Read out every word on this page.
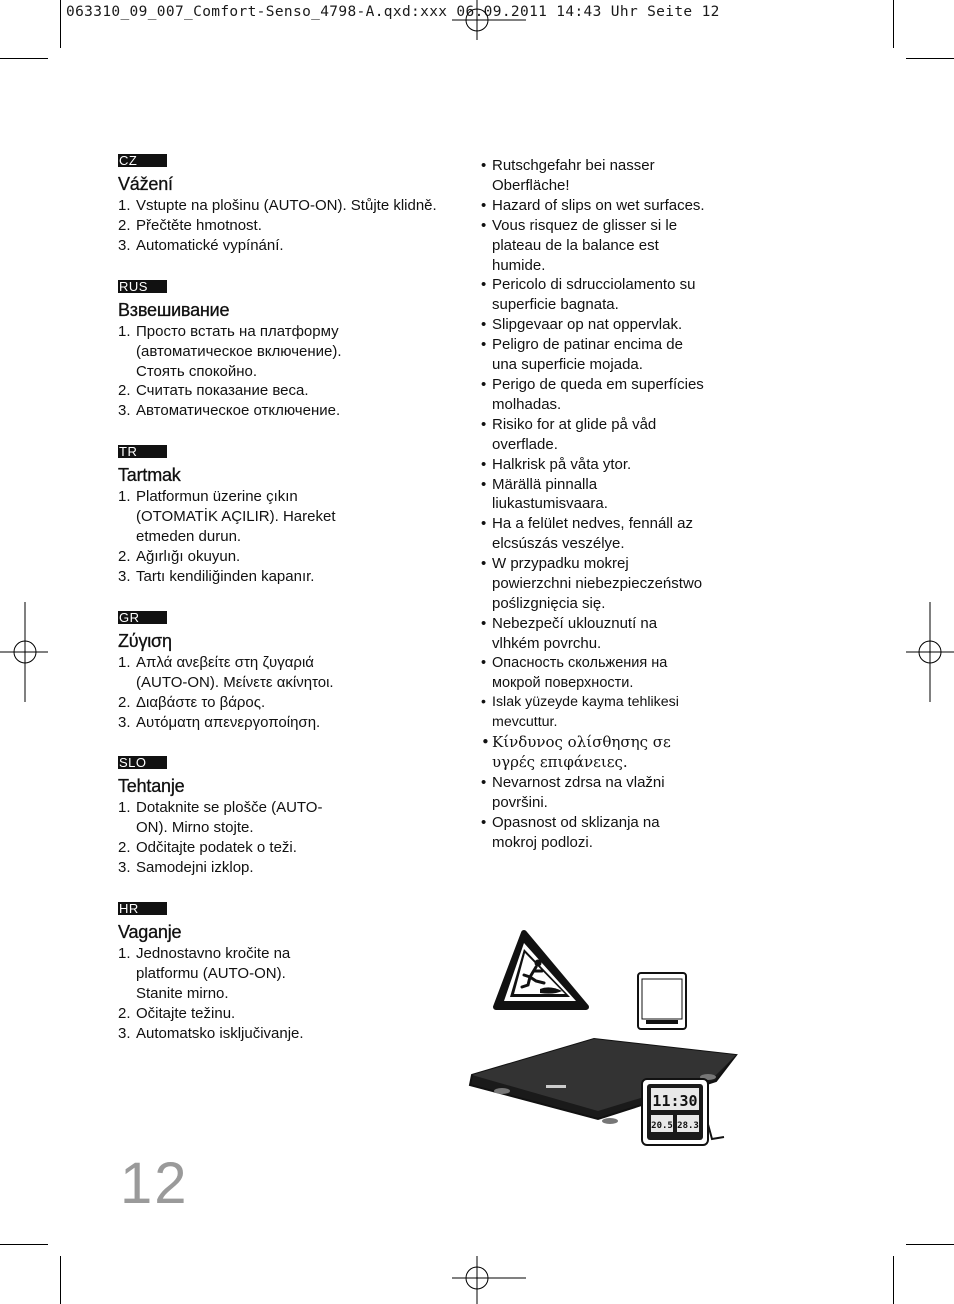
063310_09_007_Comfort-Senso_4798-A.qxd:xxx 06.09.2011 14:43 Uhr Seite 12
CZ
Vážení
1. Vstupte na plošinu (AUTO-ON). Stůjte klidně.
2. Přečtěte hmotnost.
3. Automatické vypínání.
RUS
Взвешивание
1. Просто встать на платформу (автоматическое включение). Стоять спокойно.
2. Считать показание веса.
3. Автоматическое отключение.
TR
Tartmak
1. Platformun üzerine çıkın (OTOMATİK AÇILIR). Hareket etmeden durun.
2. Ağırlığı okuyun.
3. Tartı kendiliğinden kapanır.
GR
Ζύγιση
1. Απλά ανεβείτε στη ζυγαριά (AUTO-ON). Μείνετε ακίνητοι.
2. Διαβάστε το βάρος.
3. Αυτόματη απενεργοποίηση.
SLO
Tehtanje
1. Dotaknite se plošče (AUTO-ON). Mirno stojte.
2. Odčitajte podatek o teži.
3. Samodejni izklop.
HR
Vaganje
1. Jednostavno kročite na platformu (AUTO-ON). Stanite mirno.
2. Očitajte težinu.
3. Automatsko isključivanje.
• Rutschgefahr bei nasser Oberfläche!
• Hazard of slips on wet surfaces.
• Vous risquez de glisser si le plateau de la balance est humide.
• Pericolo di sdrucciolamento su superficie bagnata.
• Slipgevaar op nat oppervlak.
• Peligro de patinar encima de una superficie mojada.
• Perigo de queda em superfícies molhadas.
• Risiko for at glide på våd overflade.
• Halkrisk på våta ytor.
• Märällä pinnalla liukastumisvaara.
• Ha a felület nedves, fennáll az elcsúszás veszélye.
• W przypadku mokrej powierzchni niebezpieczeństwo poślizgnięcia się.
• Nebezpečí uklouznutí na vlhkém povrchu.
• Опасность скольжения на мокрой поверхности.
• Islak yüzeyde kayma tehlikesi mevcuttur.
• Κίνδυνος ολίσθησης σε υγρές επιφάνειες.
• Nevarnost zdrsa na vlažni površini.
• Opasnost od sklizanja na mokroj podlozi.
11:30
20.5 28.3
12
